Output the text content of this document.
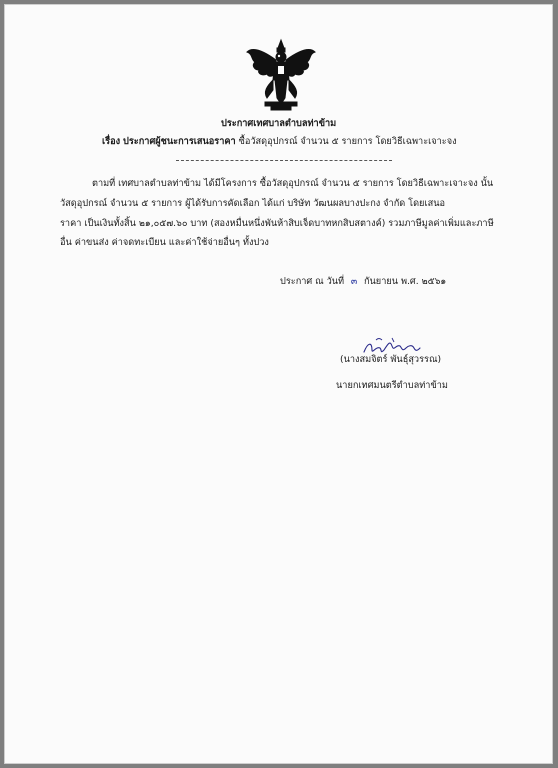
ประกาศเทศบาลตำบลท่าข้าม
เรื่อง ประกาศผู้ชนะการเสนอราคา ซื้อวัสดุอุปกรณ์ จำนวน ๕ รายการ โดยวิธีเฉพาะเจาะจง
ตามที่ เทศบาลตำบลท่าข้าม ได้มีโครงการ ซื้อวัสดุอุปกรณ์ จำนวน ๕ รายการ โดยวิธีเฉพาะเจาะจง นั้น
วัสดุอุปกรณ์ จำนวน ๕ รายการ ผู้ได้รับการคัดเลือก ได้แก่ บริษัท วัฒนผลบางปะกง จำกัด โดยเสนอ
ราคา เป็นเงินทั้งสิ้น ๒๑,๐๕๗.๖๐ บาท (สองหมื่นหนึ่งพันห้าสิบเจ็ดบาทหกสิบสตางค์) รวมภาษีมูลค่าเพิ่มและภาษี
อื่น ค่าขนส่ง ค่าจดทะเบียน และค่าใช้จ่ายอื่นๆ ทั้งปวง
ประกาศ ณ วันที่ ๓ กันยายน พ.ศ. ๒๕๖๑
(นางสมจิตร์ พันธุ์สุวรรณ)
นายกเทศมนตรีตำบลท่าข้าม
